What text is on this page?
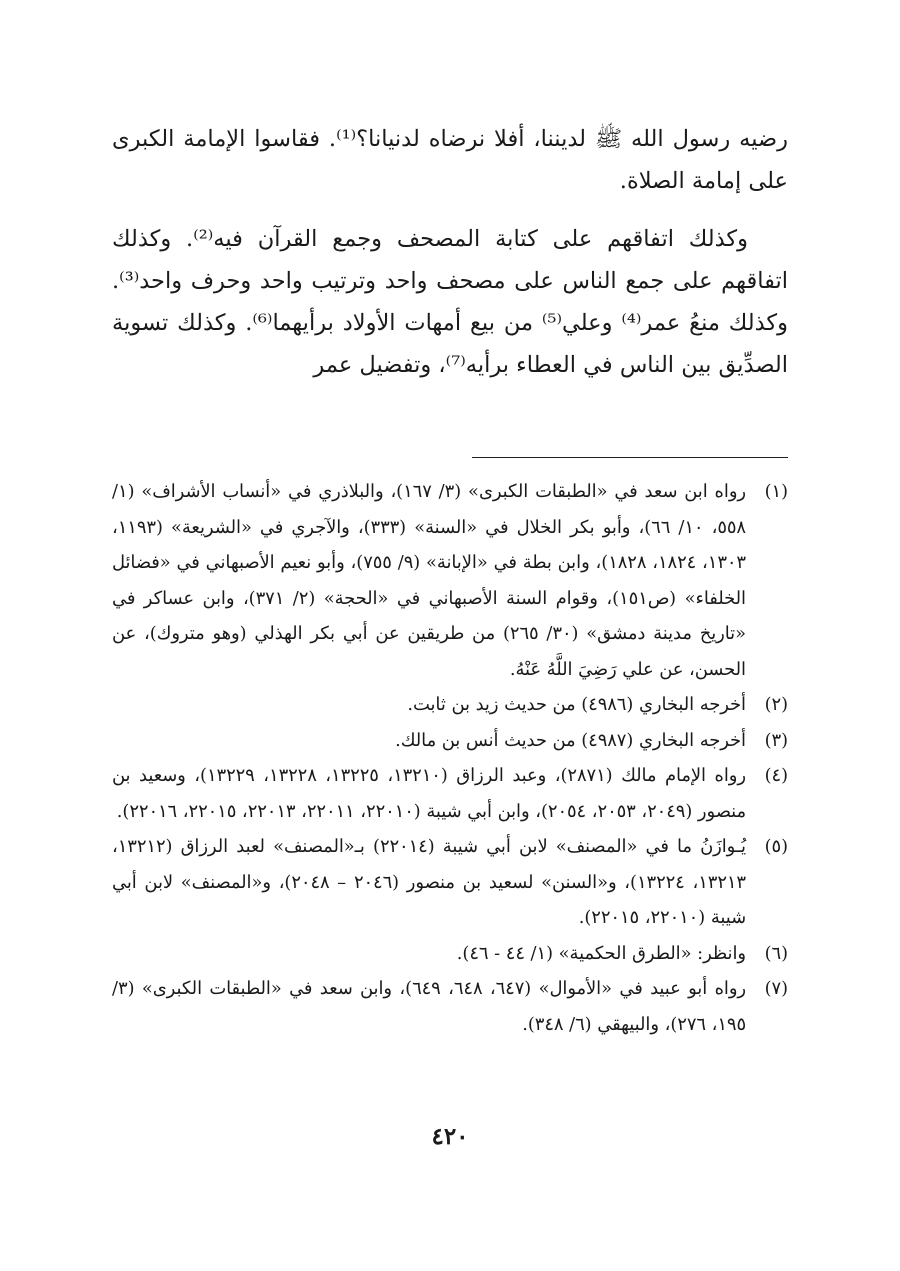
رضيه رسول الله ﷺ لديننا، أفلا نرضاه لدنيانا؟⁽¹⁾. فقاسوا الإمامة الكبرى على إمامة الصلاة.

وكذلك اتفاقهم على كتابة المصحف وجمع القرآن فيه⁽²⁾. وكذلك اتفاقهم على جمع الناس على مصحف واحد وترتيب واحد وحرف واحد⁽³⁾. وكذلك منعُ عمر⁽⁴⁾ وعلي⁽⁵⁾ من بيع أمهات الأولاد برأيهما⁽⁶⁾. وكذلك تسوية الصدِّيق بين الناس في العطاء برأيه⁽⁷⁾، وتفضيل عمر

(١)
رواه ابن سعد في «الطبقات الكبرى» (٣/ ١٦٧)، والبلاذري في «أنساب الأشراف» (١/ ٥٥٨، ١٠/ ٦٦)، وأبو بكر الخلال في «السنة» (٣٣٣)، والآجري في «الشريعة» (١١٩٣، ١٣٠٣، ١٨٢٤، ١٨٢٨)، وابن بطة في «الإبانة» (٩/ ٧٥٥)، وأبو نعيم الأصبهاني في «فضائل الخلفاء» (ص١٥١)، وقوام السنة الأصبهاني في «الحجة» (٢/ ٣٧١)، وابن عساكر في «تاريخ مدينة دمشق» (٣٠/ ٢٦٥) من طريقين عن أبي بكر الهذلي (وهو متروك)، عن الحسن، عن علي رَضِيَ اللَّهُ عَنْهُ.
(٢)
أخرجه البخاري (٤٩٨٦) من حديث زيد بن ثابت.
(٣)
أخرجه البخاري (٤٩٨٧) من حديث أنس بن مالك.
(٤)
رواه الإمام مالك (٢٨٧١)، وعبد الرزاق (١٣٢١٠، ١٣٢٢٥، ١٣٢٢٨، ١٣٢٢٩)، وسعيد بن منصور (٢٠٤٩، ٢٠٥٣، ٢٠٥٤)، وابن أبي شيبة (٢٢٠١٠، ٢٢٠١١، ٢٢٠١٣، ٢٢٠١٥، ٢٢٠١٦).
(٥)
يُـوازَنُ ما في «المصنف» لابن أبي شيبة (٢٢٠١٤) بـ«المصنف» لعبد الرزاق (١٣٢١٢، ١٣٢١٣، ١٣٢٢٤)، و«السنن» لسعيد بن منصور (٢٠٤٦ – ٢٠٤٨)، و«المصنف» لابن أبي شيبة (٢٢٠١٠، ٢٢٠١٥).
(٦)
وانظر: «الطرق الحكمية» (١/ ٤٤ - ٤٦).
(٧)
رواه أبو عبيد في «الأموال» (٦٤٧، ٦٤٨، ٦٤٩)، وابن سعد في «الطبقات الكبرى» (٣/ ١٩٥، ٢٧٦)، والبيهقي (٦/ ٣٤٨).
٤٢٠
